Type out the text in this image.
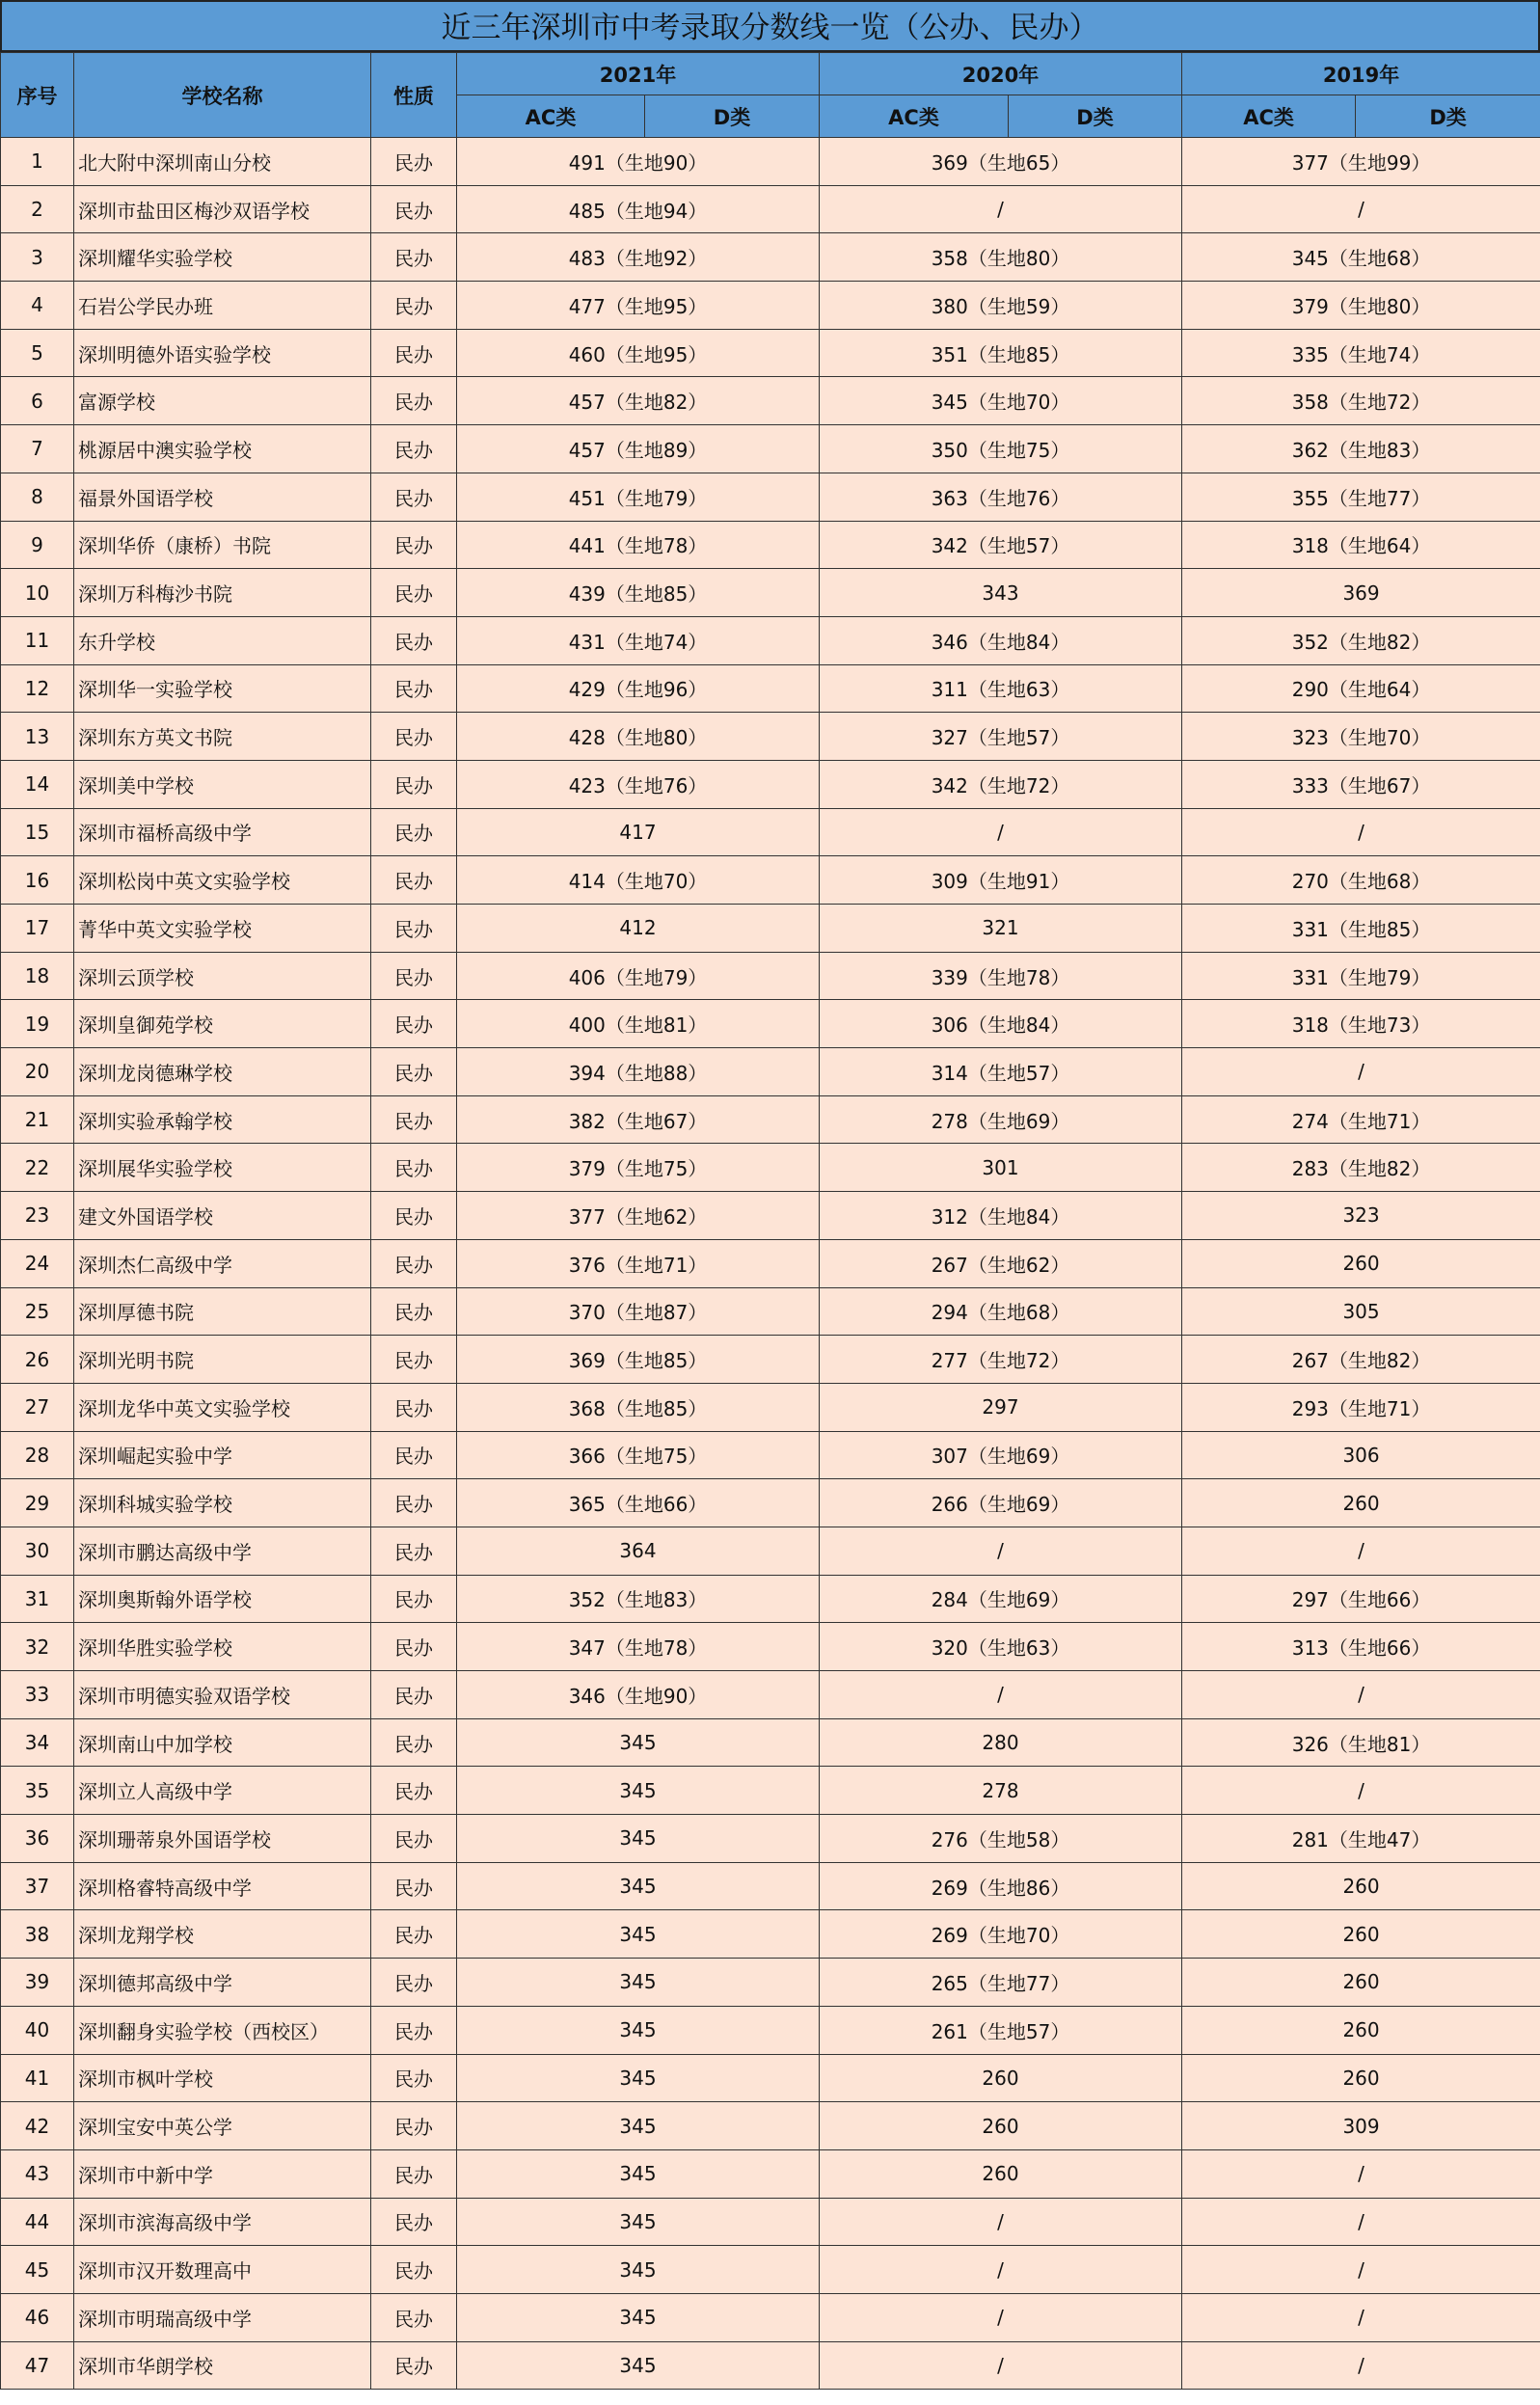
近三年深圳市中考录取分数线一览（公办、民办）
序号	学校名称	性质	2021年		2020年		2019年	
			AC类	D类	AC类	D类	AC类	D类
1	北大附中深圳南山分校	民办	491（生地90）		369（生地65）		377（生地99）	
2	深圳市盐田区梅沙双语学校	民办	485（生地94）		/		/	
3	深圳耀华实验学校	民办	483（生地92）		358（生地80）		345（生地68）	
4	石岩公学民办班	民办	477（生地95）		380（生地59）		379（生地80）	
5	深圳明德外语实验学校	民办	460（生地95）		351（生地85）		335（生地74）	
6	富源学校	民办	457（生地82）		345（生地70）		358（生地72）	
7	桃源居中澳实验学校	民办	457（生地89）		350（生地75）		362（生地83）	
8	福景外国语学校	民办	451（生地79）		363（生地76）		355（生地77）	
9	深圳华侨（康桥）书院	民办	441（生地78）		342（生地57）		318（生地64）	
10	深圳万科梅沙书院	民办	439（生地85）		343		369	
11	东升学校	民办	431（生地74）		346（生地84）		352（生地82）	
12	深圳华一实验学校	民办	429（生地96）		311（生地63）		290（生地64）	
13	深圳东方英文书院	民办	428（生地80）		327（生地57）		323（生地70）	
14	深圳美中学校	民办	423（生地76）		342（生地72）		333（生地67）	
15	深圳市福桥高级中学	民办	417		/		/	
16	深圳松岗中英文实验学校	民办	414（生地70）		309（生地91）		270（生地68）	
17	菁华中英文实验学校	民办	412		321		331（生地85）	
18	深圳云顶学校	民办	406（生地79）		339（生地78）		331（生地79）	
19	深圳皇御苑学校	民办	400（生地81）		306（生地84）		318（生地73）	
20	深圳龙岗德琳学校	民办	394（生地88）		314（生地57）		/	
21	深圳实验承翰学校	民办	382（生地67）		278（生地69）		274（生地71）	
22	深圳展华实验学校	民办	379（生地75）		301		283（生地82）	
23	建文外国语学校	民办	377（生地62）		312（生地84）		323	
24	深圳杰仁高级中学	民办	376（生地71）		267（生地62）		260	
25	深圳厚德书院	民办	370（生地87）		294（生地68）		305	
26	深圳光明书院	民办	369（生地85）		277（生地72）		267（生地82）	
27	深圳龙华中英文实验学校	民办	368（生地85）		297		293（生地71）	
28	深圳崛起实验中学	民办	366（生地75）		307（生地69）		306	
29	深圳科城实验学校	民办	365（生地66）		266（生地69）		260	
30	深圳市鹏达高级中学	民办	364		/		/	
31	深圳奥斯翰外语学校	民办	352（生地83）		284（生地69）		297（生地66）	
32	深圳华胜实验学校	民办	347（生地78）		320（生地63）		313（生地66）	
33	深圳市明德实验双语学校	民办	346（生地90）		/		/	
34	深圳南山中加学校	民办	345		280		326（生地81）	
35	深圳立人高级中学	民办	345		278		/	
36	深圳珊蒂泉外国语学校	民办	345		276（生地58）		281（生地47）	
37	深圳格睿特高级中学	民办	345		269（生地86）		260	
38	深圳龙翔学校	民办	345		269（生地70）		260	
39	深圳德邦高级中学	民办	345		265（生地77）		260	
40	深圳翻身实验学校（西校区）	民办	345		261（生地57）		260	
41	深圳市枫叶学校	民办	345		260		260	
42	深圳宝安中英公学	民办	345		260		309	
43	深圳市中新中学	民办	345		260		/	
44	深圳市滨海高级中学	民办	345		/		/	
45	深圳市汉开数理高中	民办	345		/		/	
46	深圳市明瑞高级中学	民办	345		/		/	
47	深圳市华朗学校	民办	345		/		/	
